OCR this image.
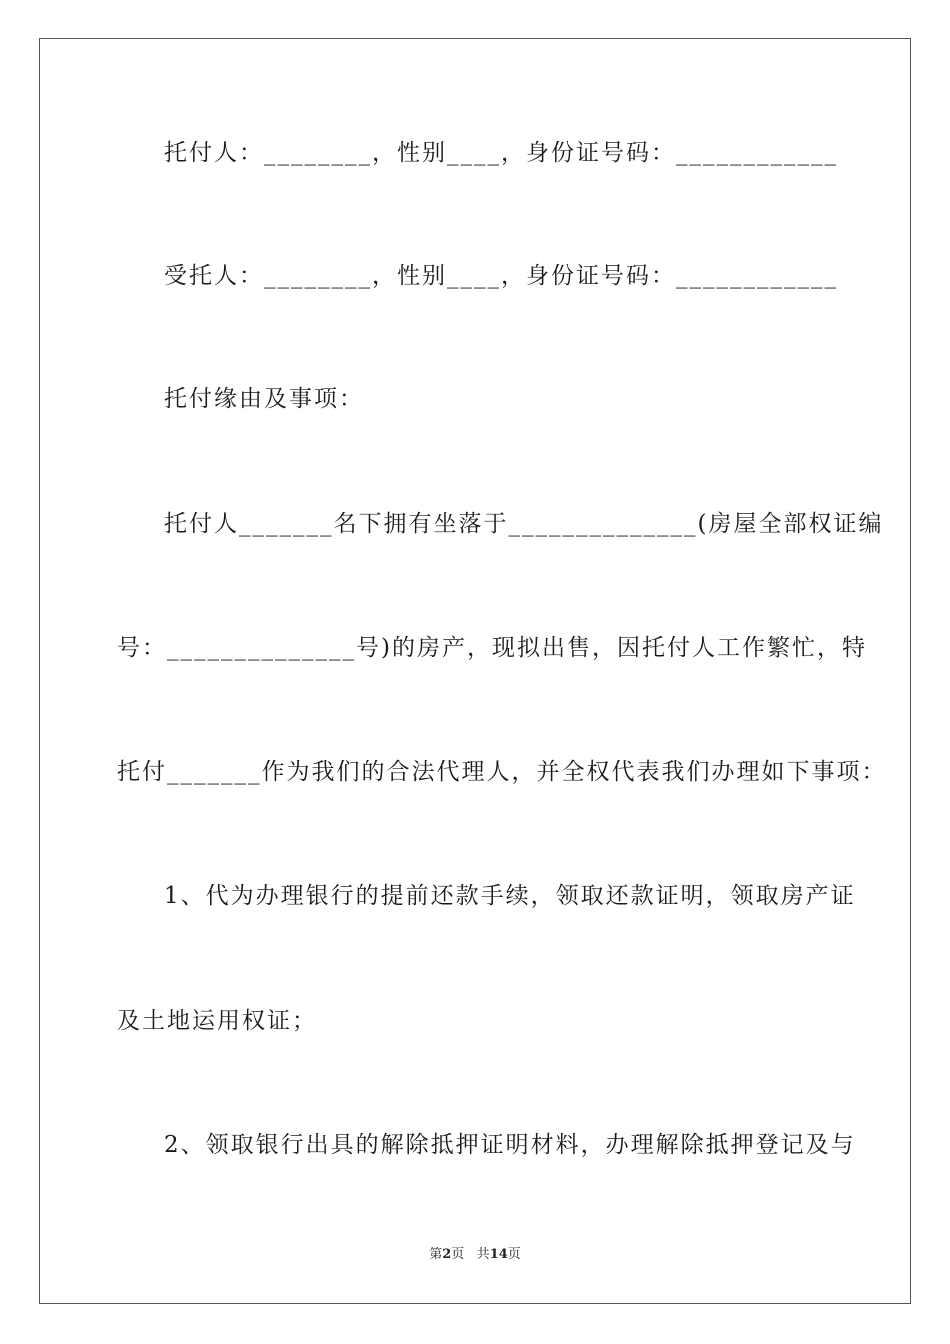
托付人：________，性别____，身份证号码：____________
受托人：________，性别____，身份证号码：____________
托付缘由及事项：
托付人_______名下拥有坐落于______________(房屋全部权证编
号：______________号)的房产，现拟出售，因托付人工作繁忙，特
托付_______作为我们的合法代理人，并全权代表我们办理如下事项：
1、代为办理银行的提前还款手续，领取还款证明，领取房产证
及土地运用权证；
2、领取银行出具的解除抵押证明材料，办理解除抵押登记及与
第2页 共14页
